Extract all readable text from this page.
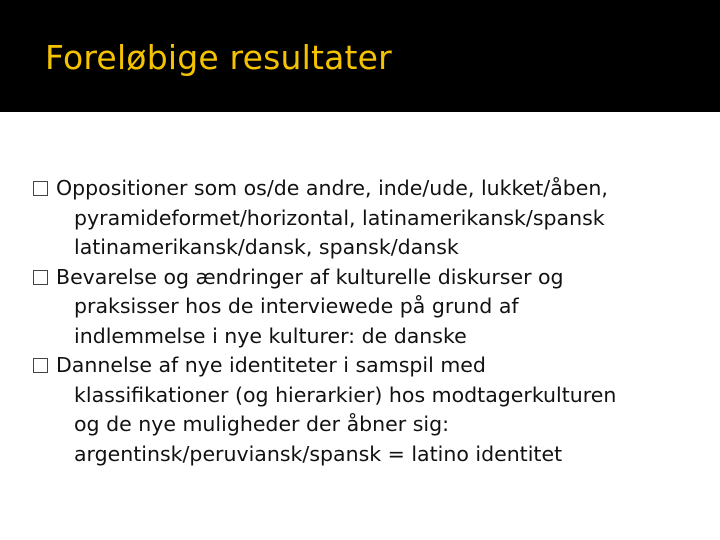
Foreløbige resultater
Oppositioner som os/de andre, inde/ude, lukket/åben,
pyramideformet/horizontal, latinamerikansk/spansk
latinamerikansk/dansk, spansk/dansk
Bevarelse og ændringer af kulturelle diskurser og
praksisser hos de interviewede på grund af
indlemmelse i nye kulturer: de danske
Dannelse af nye identiteter i samspil med
klassifikationer (og hierarkier) hos modtagerkulturen
og de nye muligheder der åbner sig:
argentinsk/peruviansk/spansk = latino identitet
